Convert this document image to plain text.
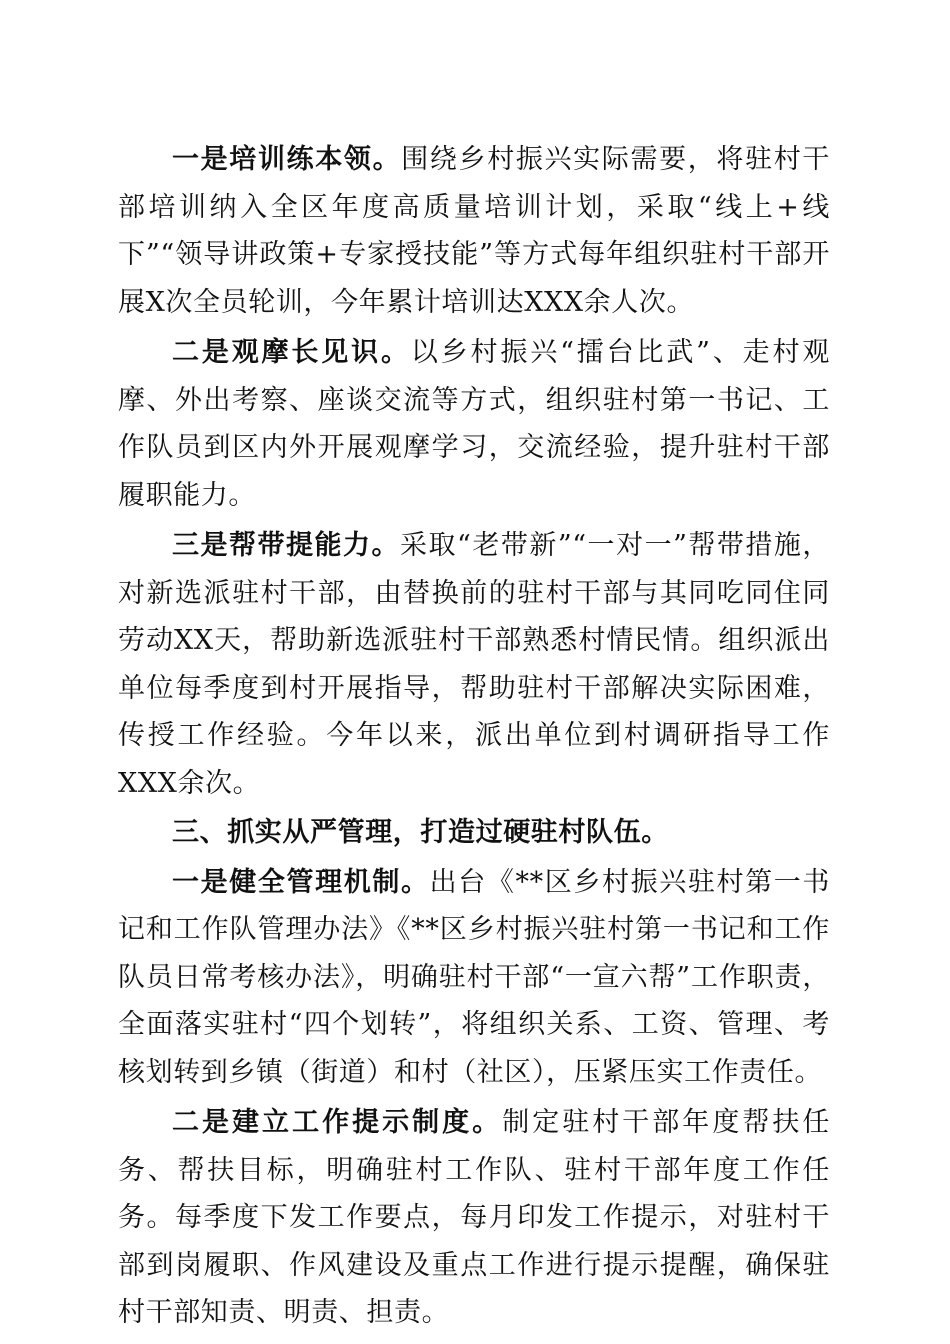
一是培训练本领。围绕乡村振兴实际需要，将驻村干部培训纳入全区年度高质量培训计划，采取“线上+线下”“领导讲政策+专家授技能”等方式每年组织驻村干部开展X次全员轮训，今年累计培训达XXX余人次。

二是观摩长见识。以乡村振兴“擂台比武”、走村观摩、外出考察、座谈交流等方式，组织驻村第一书记、工作队员到区内外开展观摩学习，交流经验，提升驻村干部履职能力。

三是帮带提能力。采取“老带新”“一对一”帮带措施，对新选派驻村干部，由替换前的驻村干部与其同吃同住同劳动XX天，帮助新选派驻村干部熟悉村情民情。组织派出单位每季度到村开展指导，帮助驻村干部解决实际困难，传授工作经验。今年以来，派出单位到村调研指导工作XXX余次。

三、抓实从严管理，打造过硬驻村队伍。

一是健全管理机制。出台《**区乡村振兴驻村第一书记和工作队管理办法》《**区乡村振兴驻村第一书记和工作队员日常考核办法》，明确驻村干部“一宣六帮”工作职责，全面落实驻村“四个划转”，将组织关系、工资、管理、考核划转到乡镇（街道）和村（社区），压紧压实工作责任。

二是建立工作提示制度。制定驻村干部年度帮扶任务、帮扶目标，明确驻村工作队、驻村干部年度工作任务。每季度下发工作要点，每月印发工作提示，对驻村干部到岗履职、作风建设及重点工作进行提示提醒，确保驻村干部知责、明责、担责。
